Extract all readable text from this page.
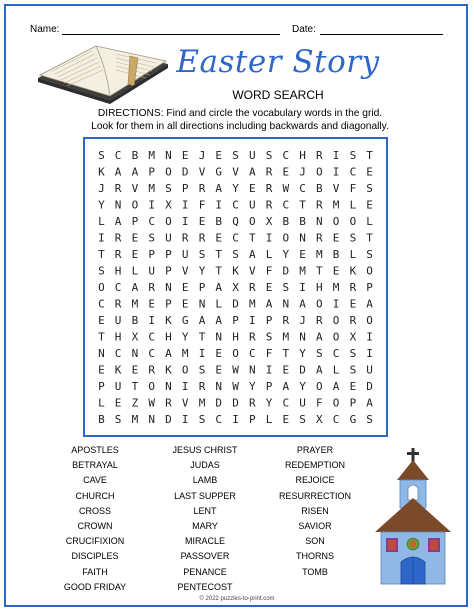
Name:	Date:
Easter Story
WORD SEARCH
DIRECTIONS: Find and circle the vocabulary words in the grid.
Look for them in all directions including backwards and diagonally.
S C B M N E J E S U S C H R I S T
K A A P O D V G V A R E J O I C E
J R V M S P R A Y E R W C B V F S
Y N O I X I F I C U R C T R M L E
L A P C O I E B Q O X B B N O O L
I R E S U R R E C T I O N R E S T
T R E P P U S T S A L Y E M B L S
S H L U P V Y T K V F D M T E K O
O C A R N E P A X R E S I H M R P
C R M E P E N L D M A N A O I E A
E U B I K G A A P I P R J R O R O
T H X C H Y T N H R S M N A O X I
N C N C A M I E O C F T Y S C S I
E K E R K O S E W N I E D A L S U
P U T O N I R N W Y P A Y O A E D
L E Z W R V M D D R Y C U F O P A
B S M N D I S C I P L E S X C G S
APOSTLES
BETRAYAL
CAVE
CHURCH
CROSS
CROWN
CRUCIFIXION
DISCIPLES
FAITH
GOOD FRIDAY
JESUS CHRIST
JUDAS
LAMB
LAST SUPPER
LENT
MARY
MIRACLE
PASSOVER
PENANCE
PENTECOST
PRAYER
REDEMPTION
REJOICE
RESURRECTION
RISEN
SAVIOR
SON
THORNS
TOMB
© 2022 puzzles-to-print.com
